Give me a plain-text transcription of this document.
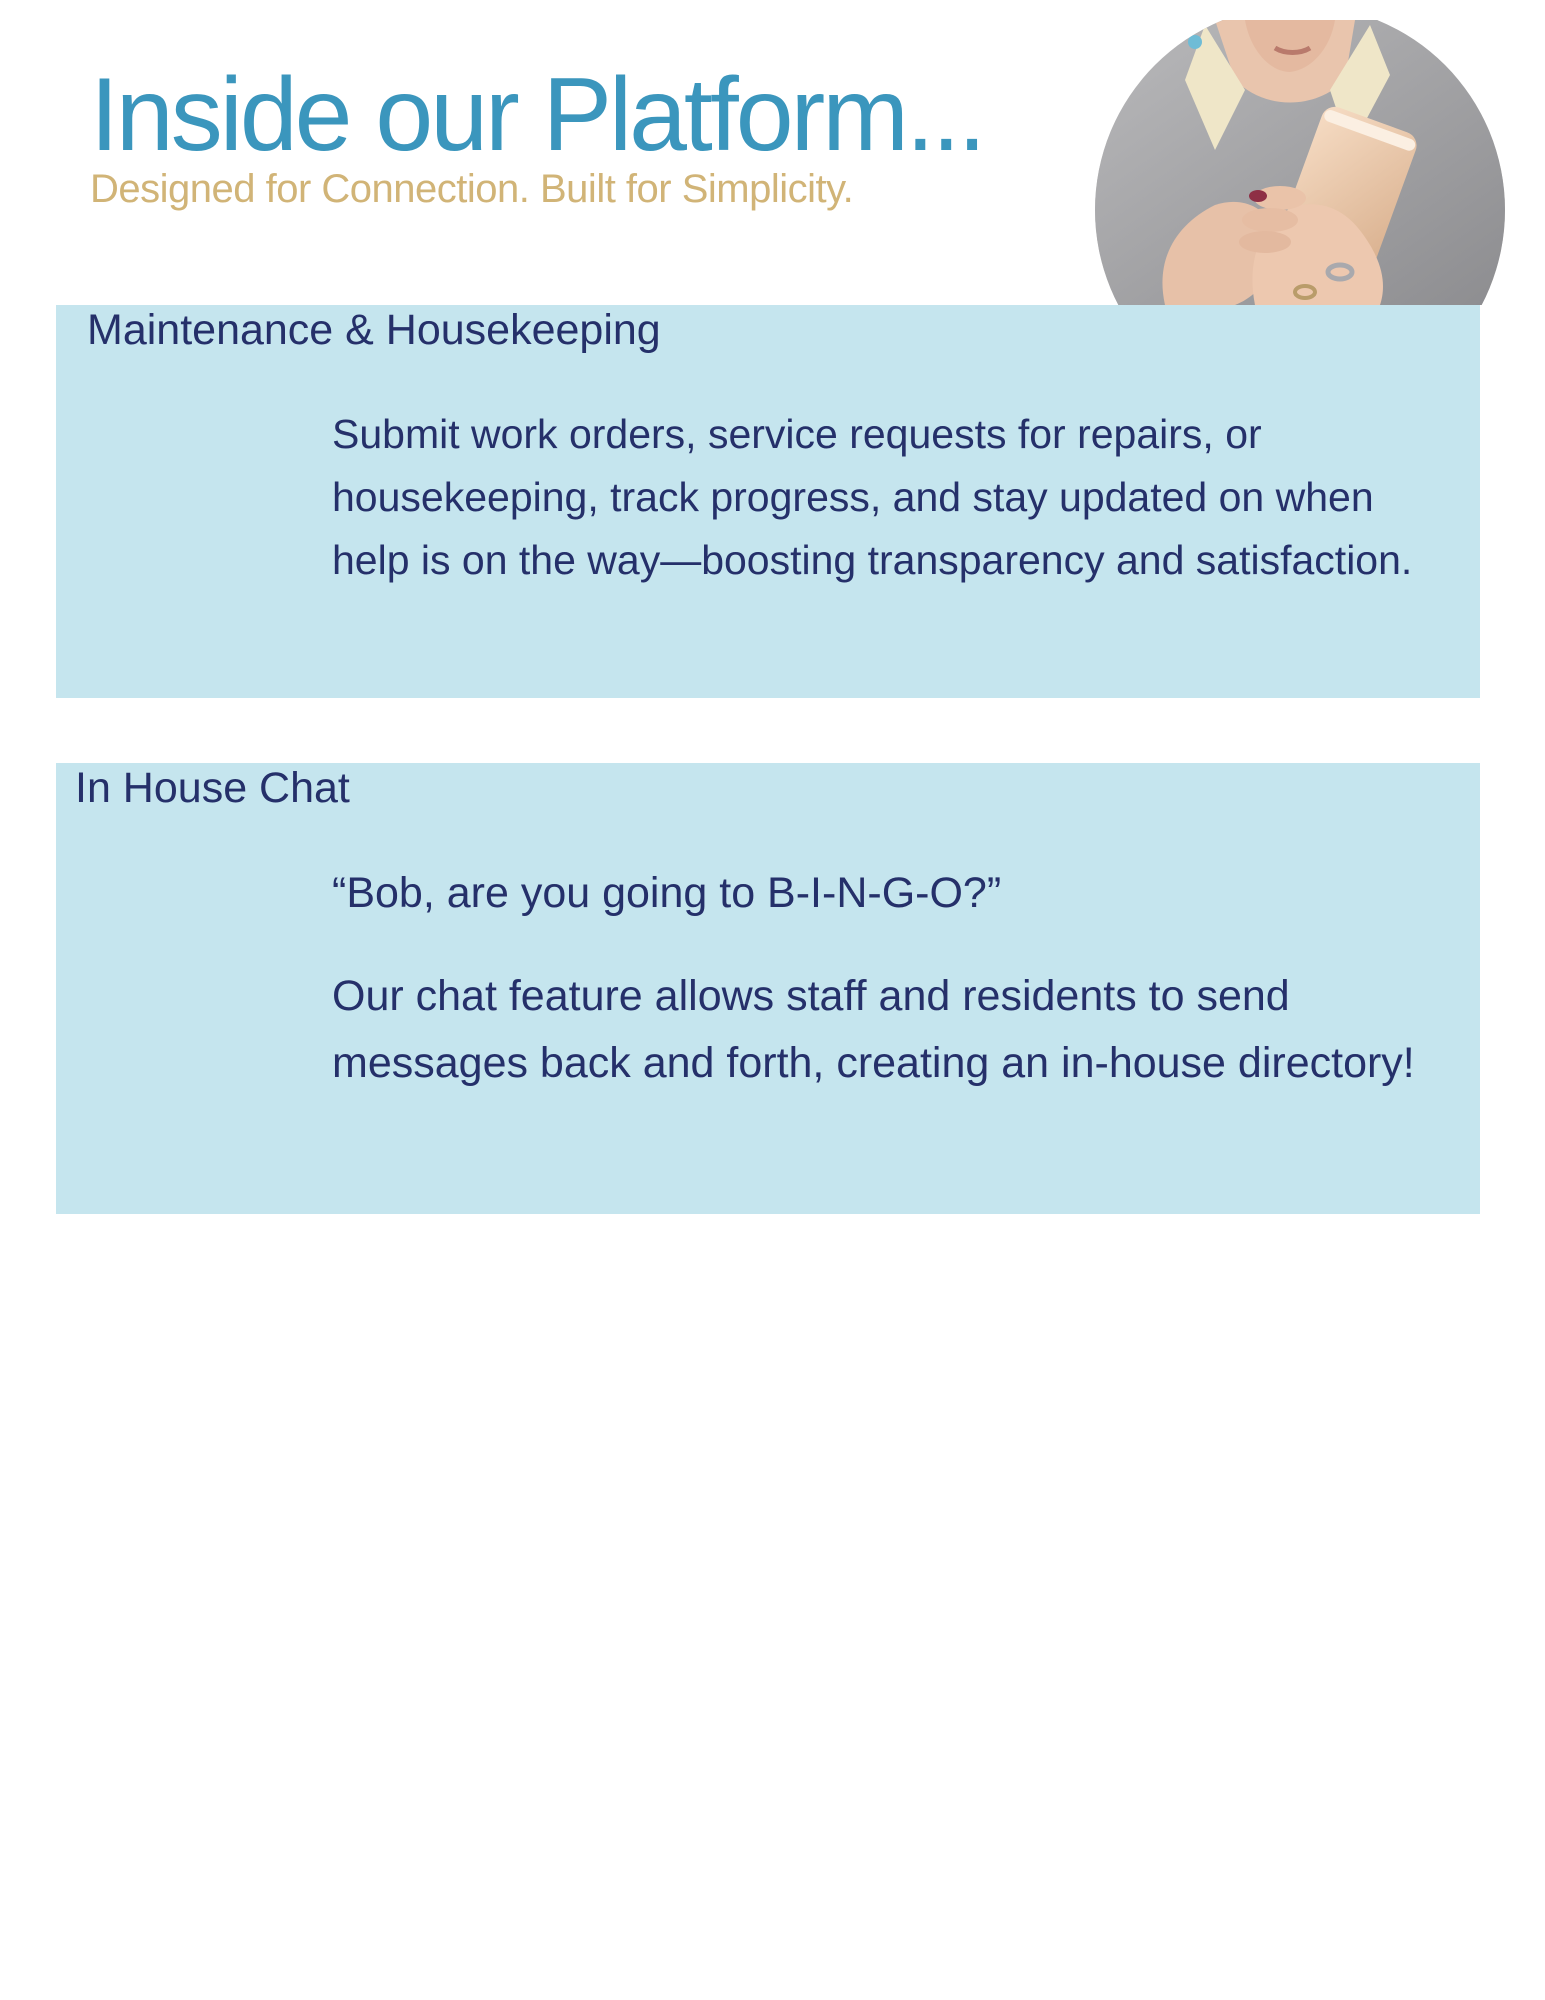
Inside our Platform...

Designed for Connection. Built for Simplicity.

Maintenance & Housekeeping

Submit work orders, service requests for repairs, or housekeeping, track progress, and stay updated on when help is on the way—boosting transparency and satisfaction.

In House Chat

“Bob, are you going to B-I-N-G-O?”

Our chat feature allows staff and residents to send messages back and forth, creating an in-house directory!
